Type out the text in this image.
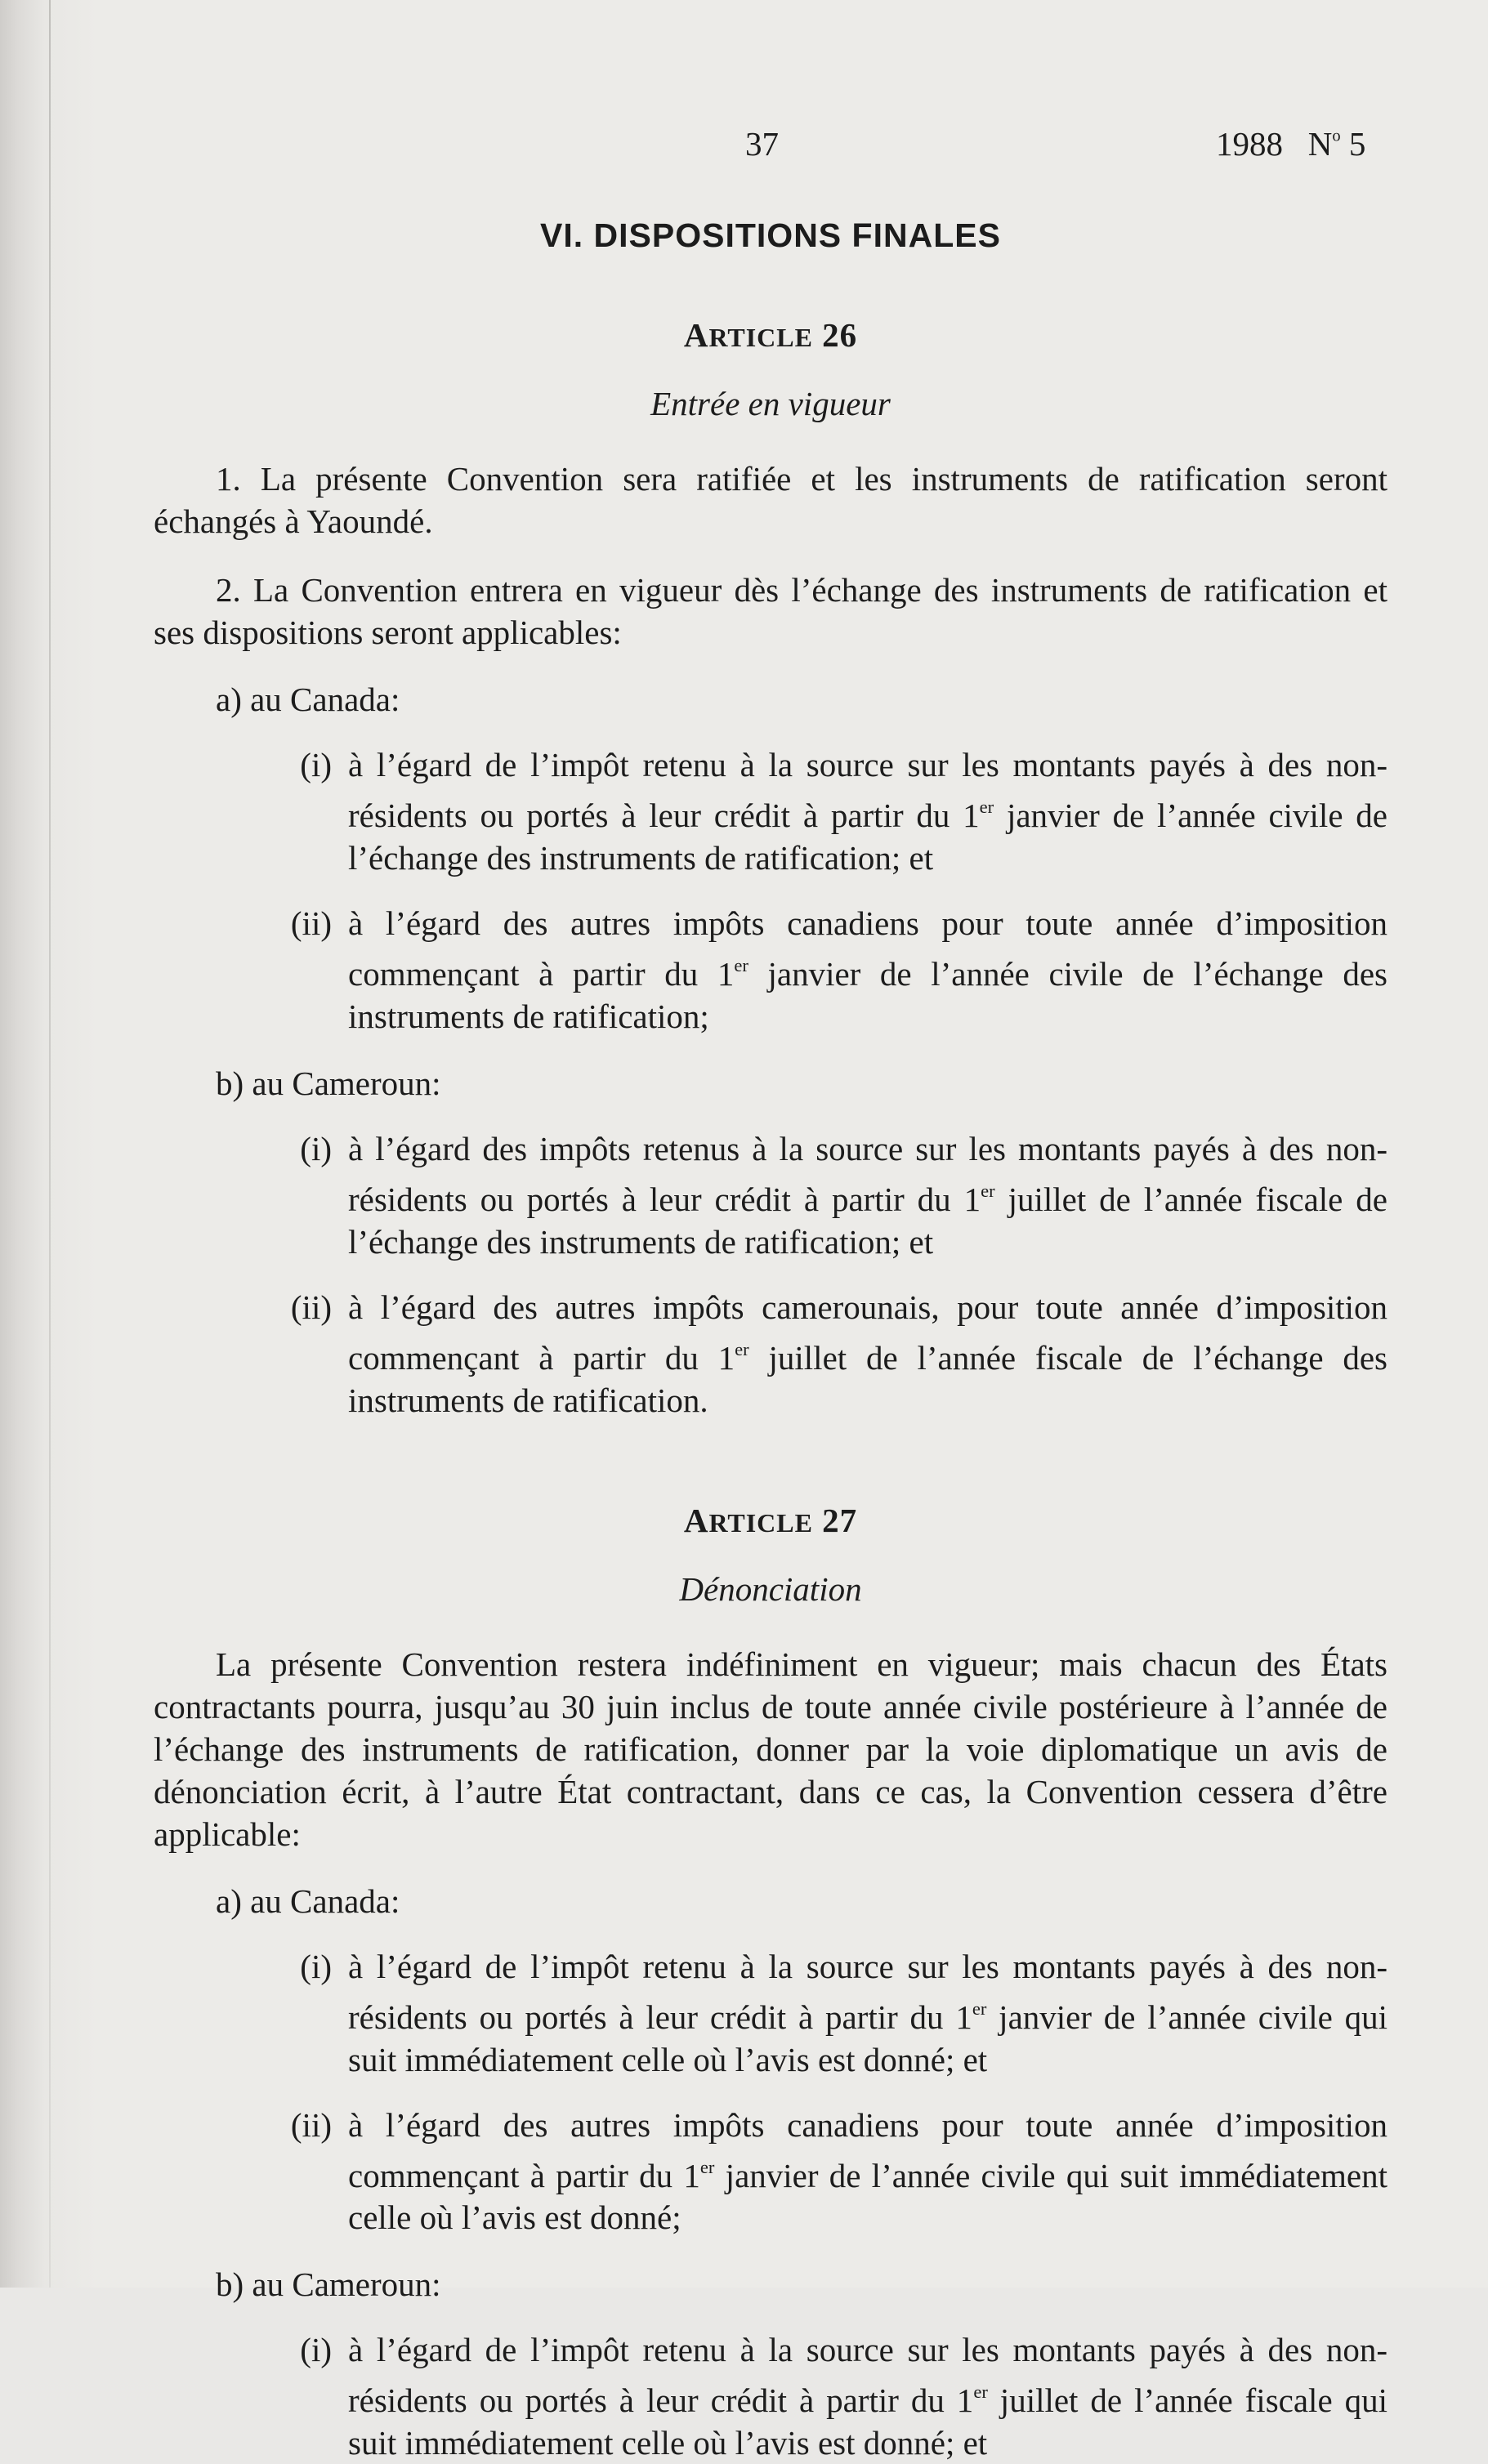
37	1988 $N^o$ 5
VI. DISPOSITIONS FINALES
ARTICLE 26
Entrée en vigueur

1. La présente Convention sera ratifiée et les instruments de ratification seront échangés à Yaoundé.

2. La Convention entrera en vigueur dès l’échange des instruments de ratification et ses dispositions seront applicables:

a) au Canada:

(i) à l’égard de l’impôt retenu à la source sur les montants payés à des non-résidents ou portés à leur crédit à partir du 1er janvier de l’année civile de l’échange des instruments de ratification; et

(ii) à l’égard des autres impôts canadiens pour toute année d’imposition commençant à partir du 1er janvier de l’année civile de l’échange des instruments de ratification;

b) au Cameroun:

(i) à l’égard des impôts retenus à la source sur les montants payés à des non-résidents ou portés à leur crédit à partir du 1er juillet de l’année fiscale de l’échange des instruments de ratification; et

(ii) à l’égard des autres impôts camerounais, pour toute année d’imposition commençant à partir du 1er juillet de l’année fiscale de l’échange des instruments de ratification.

ARTICLE 27
Dénonciation

La présente Convention restera indéfiniment en vigueur; mais chacun des États contractants pourra, jusqu’au 30 juin inclus de toute année civile postérieure à l’année de l’échange des instruments de ratification, donner par la voie diplomatique un avis de dénonciation écrit, à l’autre État contractant, dans ce cas, la Convention cessera d’être applicable:

a) au Canada:

(i) à l’égard de l’impôt retenu à la source sur les montants payés à des non-résidents ou portés à leur crédit à partir du 1er janvier de l’année civile qui suit immédiatement celle où l’avis est donné; et

(ii) à l’égard des autres impôts canadiens pour toute année d’imposition commençant à partir du 1er janvier de l’année civile qui suit immédiatement celle où l’avis est donné;

b) au Cameroun:

(i) à l’égard de l’impôt retenu à la source sur les montants payés à des non-résidents ou portés à leur crédit à partir du 1er juillet de l’année fiscale qui suit immédiatement celle où l’avis est donné; et
